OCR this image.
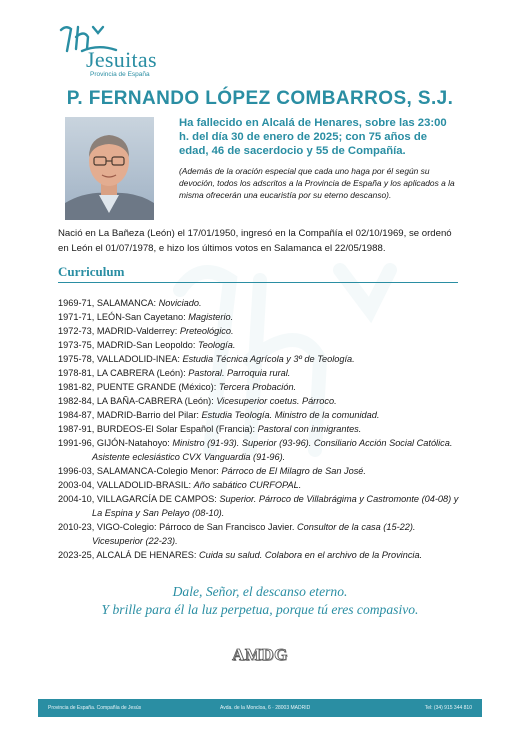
Jesuitas
Provincia de España
P. FERNANDO LÓPEZ COMBARROS, S.J.
Ha fallecido en Alcalá de Henares, sobre las 23:00 h. del día 30 de enero de 2025; con 75 años de edad, 46 de sacerdocio y 55 de Compañía.
(Además de la oración especial que cada uno haga por él según su devoción, todos los adscritos a la Provincia de España y los aplicados a la misma ofrecerán una eucaristía por su eterno descanso).
Nació en La Bañeza (León) el 17/01/1950, ingresó en la Compañía el 02/10/1969, se ordenó en León el 01/07/1978, e hizo los últimos votos en Salamanca el 22/05/1988.
Curriculum
1969-71, SALAMANCA: Noviciado.
1971-71, LEÓN-San Cayetano: Magisterio.
1972-73, MADRID-Valderrey: Preteológico.
1973-75, MADRID-San Leopoldo: Teología.
1975-78, VALLADOLID-INEA: Estudia Técnica Agrícola y 3º de Teología.
1978-81, LA CABRERA (León): Pastoral. Parroquia rural.
1981-82, PUENTE GRANDE (México): Tercera Probación.
1982-84, LA BAÑA-CABRERA (León): Vicesuperior coetus. Párroco.
1984-87, MADRID-Barrio del Pilar: Estudia Teología. Ministro de la comunidad.
1987-91, BURDEOS-El Solar Español (Francia): Pastoral con inmigrantes.
1991-96, GIJÓN-Natahoyo: Ministro (91-93). Superior (93-96). Consiliario Acción Social Católica. Asistente eclesiástico CVX Vanguardia (91-96).
1996-03, SALAMANCA-Colegio Menor: Párroco de El Milagro de San José.
2003-04, VALLADOLID-BRASIL: Año sabático CURFOPAL.
2004-10, VILLAGARCÍA DE CAMPOS: Superior. Párroco de Villabrágima y Castromonte (04-08) y La Espina y San Pelayo (08-10).
2010-23, VIGO-Colegio: Párroco de San Francisco Javier. Consultor de la casa (15-22). Vicesuperior (22-23).
2023-25, ALCALÁ DE HENARES: Cuida su salud. Colabora en el archivo de la Provincia.
Dale, Señor, el descanso eterno.
Y brille para él la luz perpetua, porque tú eres compasivo.
AMDG
Provincia de España. Compañía de Jesús	Avda. de la Moncloa, 6 · 28003 MADRID	Tel: (34) 915 344 810
